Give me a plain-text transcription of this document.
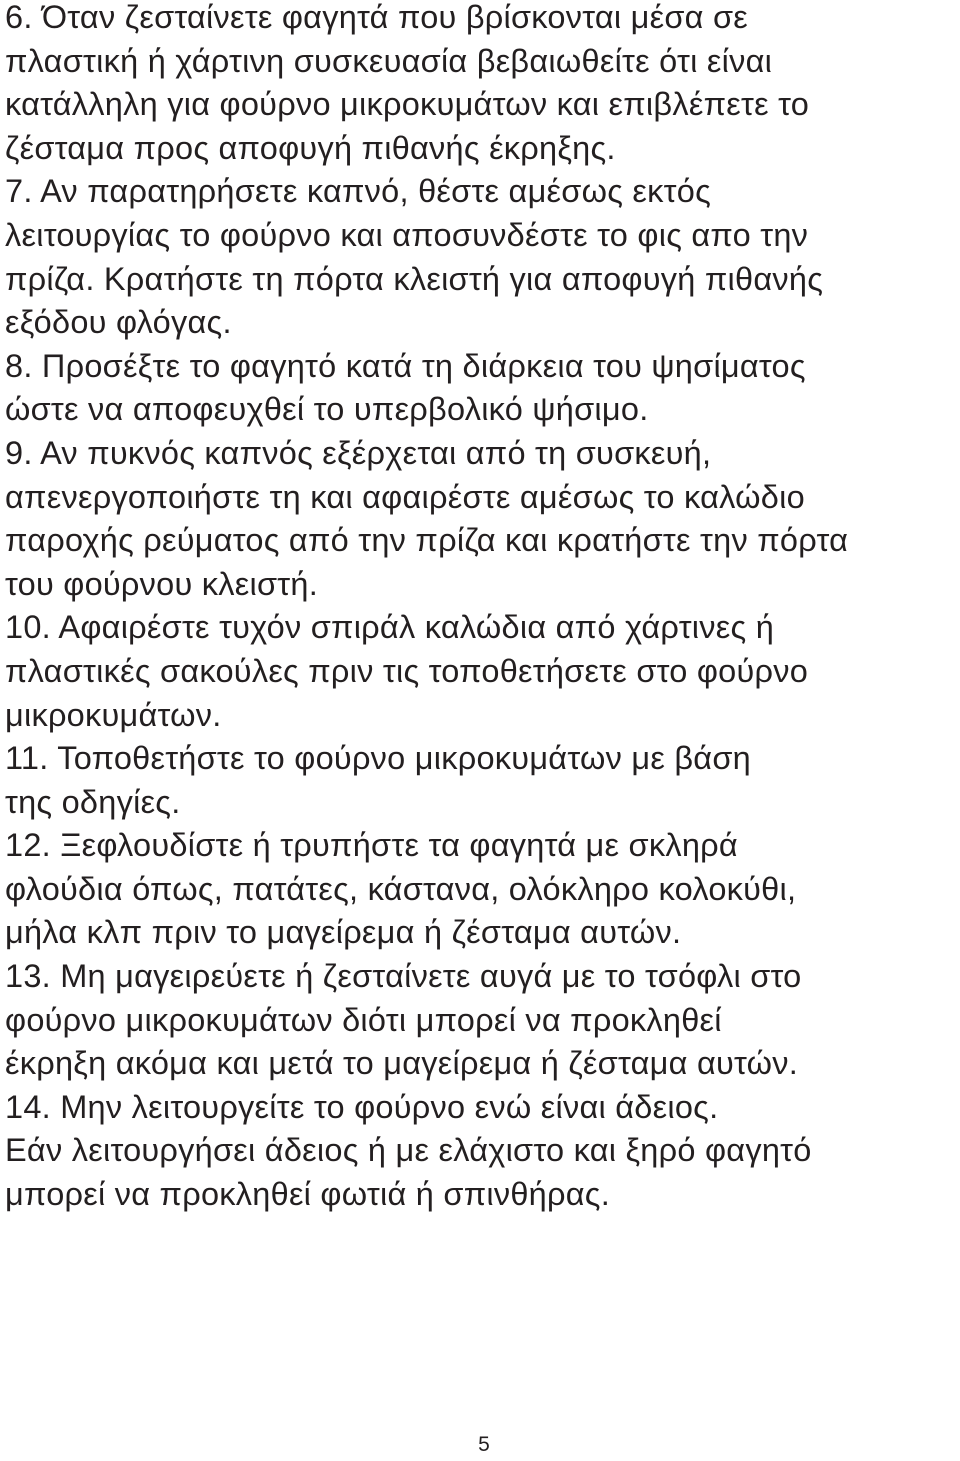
6. Όταν ζεσταίνετε φαγητά που βρίσκονται μέσα σε
πλαστική ή χάρτινη συσκευασία βεβαιωθείτε ότι είναι
κατάλληλη για φούρνο μικροκυμάτων και επιβλέπετε το
ζέσταμα προς αποφυγή πιθανής έκρηξης.
7. Αν παρατηρήσετε καπνό, θέστε αμέσως εκτός
λειτουργίας το φούρνο και αποσυνδέστε το φις απο την
πρίζα. Κρατήστε τη πόρτα κλειστή για αποφυγή πιθανής
εξόδου φλόγας.
8. Προσέξτε το φαγητό κατά τη διάρκεια του ψησίματος
ώστε να αποφευχθεί το υπερβολικό ψήσιμο.
9. Αν πυκνός καπνός εξέρχεται από τη συσκευή,
απενεργοποιήστε τη και αφαιρέστε αμέσως το καλώδιο
παροχής ρεύματος από την πρίζα και κρατήστε την πόρτα
του φούρνου κλειστή.
10. Αφαιρέστε τυχόν σπιράλ καλώδια από χάρτινες ή
πλαστικές σακούλες πριν τις τοποθετήσετε στο φούρνο
μικροκυμάτων.
11. Τοποθετήστε το φούρνο μικροκυμάτων με βάση
της οδηγίες.
12. Ξεφλουδίστε ή τρυπήστε τα φαγητά με σκληρά
φλούδια όπως, πατάτες, κάστανα, ολόκληρο κολοκύθι,
μήλα κλπ πριν το μαγείρεμα ή ζέσταμα αυτών.
13. Μη μαγειρεύετε ή ζεσταίνετε αυγά με το τσόφλι στο
φούρνο μικροκυμάτων διότι μπορεί να προκληθεί
έκρηξη ακόμα και μετά το μαγείρεμα ή ζέσταμα αυτών.
14. Μην λειτουργείτε το φούρνο ενώ είναι άδειος.
Εάν λειτουργήσει άδειος ή με ελάχιστο και ξηρό φαγητό
μπορεί να προκληθεί φωτιά ή σπινθήρας.
5
